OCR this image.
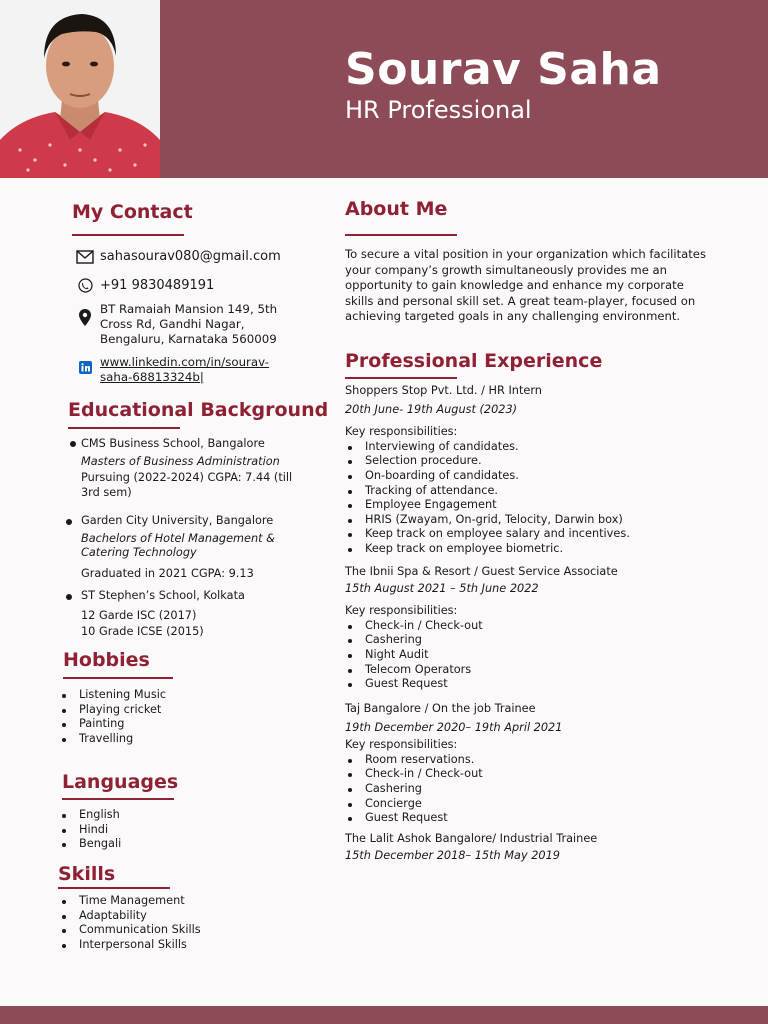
Sourav Saha
HR Professional
My Contact
sahasourav080@gmail.com
+91 9830489191
BT Ramaiah Mansion 149, 5th
Cross Rd, Gandhi Nagar,
Bengaluru, Karnataka 560009
www.linkedin.com/in/sourav-
saha-68813324b|
Educational Background
CMS Business School, Bangalore
Masters of Business Administration
Pursuing (2022-2024) CGPA: 7.44 (till 3rd sem)
Garden City University, Bangalore
Bachelors of Hotel Management & Catering Technology
Graduated in 2021 CGPA: 9.13
ST Stephen’s School, Kolkata
12 Garde ISC (2017)
10 Grade ICSE (2015)
Hobbies
Listening Music
Playing cricket
Painting
Travelling
Languages
English
Hindi
Bengali
Skills
Time Management
Adaptability
Communication Skills
Interpersonal Skills
About Me
To secure a vital position in your organization which facilitates your company’s growth simultaneously provides me an opportunity to gain knowledge and enhance my corporate skills and personal skill set. A great team-player, focused on achieving targeted goals in any challenging environment.
Professional Experience
Shoppers Stop Pvt. Ltd. / HR Intern
20th June- 19th August (2023)
Key responsibilities:
Interviewing of candidates.
Selection procedure.
On-boarding of candidates.
Tracking of attendance.
Employee Engagement
HRIS (Zwayam, On-grid, Telocity, Darwin box)
Keep track on employee salary and incentives.
Keep track on employee biometric.
The Ibnii Spa & Resort / Guest Service Associate
15th August 2021 – 5th June 2022
Key responsibilities:
Check-in / Check-out
Cashering
Night Audit
Telecom Operators
Guest Request
Taj Bangalore / On the job Trainee
19th December 2020– 19th April 2021
Key responsibilities:
Room reservations.
Check-in / Check-out
Cashering
Concierge
Guest Request
The Lalit Ashok Bangalore/ Industrial Trainee
15th December 2018– 15th May 2019
